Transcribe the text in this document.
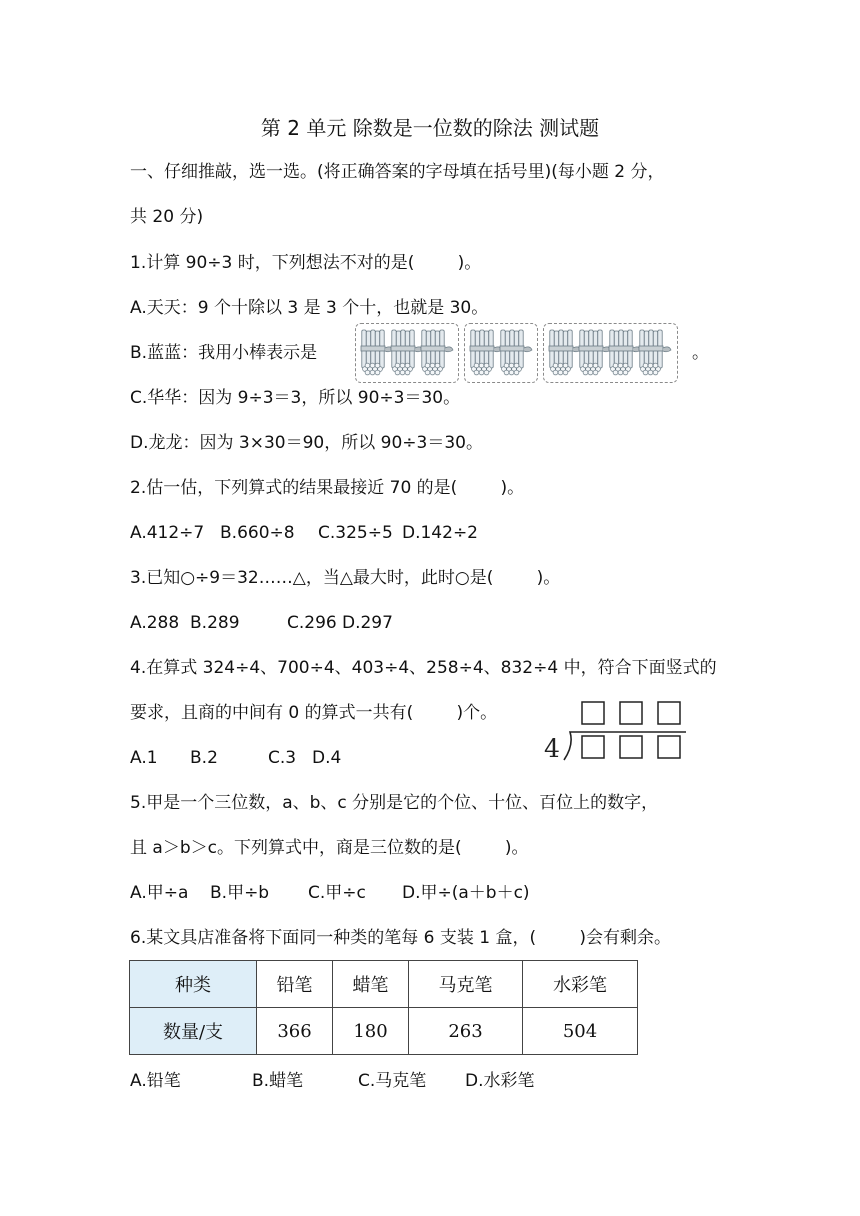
第 2 单元 除数是一位数的除法 测试题
一、仔细推敲，选一选。(将正确答案的字母填在括号里)(每小题 2 分，
共 20 分)
1.计算 90÷3 时，下列想法不对的是(        )。
A.天天：9 个十除以 3 是 3 个十，也就是 30。
B.蓝蓝：我用小棒表示是	。
C.华华：因为 9÷3＝3，所以 90÷3＝30。
D.龙龙：因为 3×30＝90，所以 90÷3＝30。
2.估一估，下列算式的结果最接近 70 的是(        )。
A.412÷7 B.660÷8 C.325÷5 D.142÷2
3.已知○÷9＝32……△，当△最大时，此时○是(        )。
A.288 B.289	C.296 D.297
4.在算式 324÷4、700÷4、403÷4、258÷4、832÷4 中，符合下面竖式的
要求，且商的中间有 0 的算式一共有(        )个。
4
A.1 B.2	C.3 D.4
5.甲是一个三位数，a、b、c 分别是它的个位、十位、百位上的数字，
且 a＞b＞c。下列算式中，商是三位数的是(        )。
A.甲÷a B.甲÷b C.甲÷c D.甲÷(a＋b＋c)
6.某文具店准备将下面同一种类的笔每 6 支装 1 盒，(        )会有剩余。
种类	铅笔	蜡笔	马克笔	水彩笔
数量/支	366	180	263	504
A.铅笔	B.蜡笔	C.马克笔 D.水彩笔
